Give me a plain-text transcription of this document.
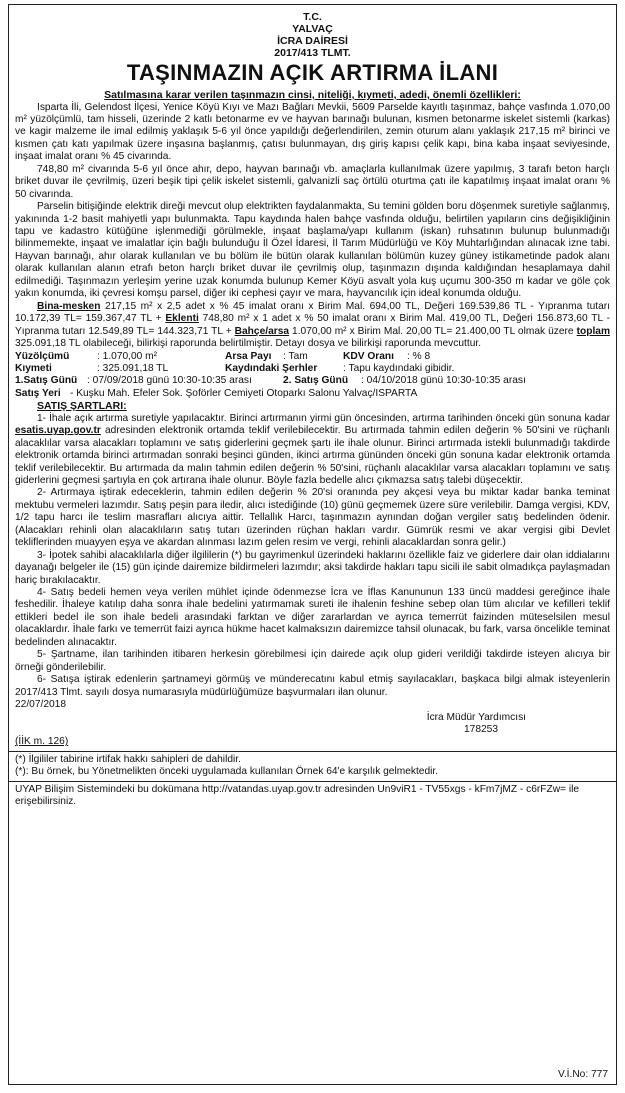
T.C.
YALVAÇ
İCRA DAİRESİ
2017/413 TLMT.
TAŞINMAZIN AÇIK ARTIRMA İLANI
Satılmasına karar verilen taşınmazın cinsi, niteliği, kıymeti, adedi, önemli özellikleri:

Isparta İli, Gelendost İlçesi, Yenice Köyü Kıyı ve Mazı Bağları Mevkii, 5609 Parselde kayıtlı taşınmaz, bahçe vasfında 1.070,00 m² yüzölçümlü, tam hisseli, üzerinde 2 katlı betonarme ev ve hayvan barınağı bulunan, kısmen betonarme iskelet sistemli (karkas) ve kagir malzeme ile imal edilmiş yaklaşık 5-6 yıl önce yapıldığı değerlendirilen, zemin oturum alanı yaklaşık 217,15 m² birinci ve kısmen çatı katı yapılmak üzere inşasına başlanmış, çatısı bulunmayan, dış giriş kapısı çelik kapı, bina kaba inşaat seviyesinde, inşaat imalat oranı % 45 civarında.

748,80 m² civarında 5-6 yıl önce ahır, depo, hayvan barınağı vb. amaçlarla kullanılmak üzere yapılmış, 3 tarafı beton harçlı briket duvar ile çevrilmiş, üzeri beşik tipi çelik iskelet sistemli, galvanizli saç örtülü oturtma çatı ile kapatılmış inşaat imalat oranı % 50 civarında.

Parselin bitişiğinde elektrik direği mevcut olup elektrikten faydalanmakta, Su temini gölden boru döşenmek suretiyle sağlanmış, yakınında 1-2 basit mahiyetli yapı bulunmakta. Tapu kaydında halen bahçe vasfında olduğu, belirtilen yapıların cins değişikliğinin tapu ve kadastro kütüğüne işlenmediği görülmekle, inşaat başlama/yapı kullanım (iskan) ruhsatının bulunup bulunmadığı bilinmemekte, inşaat ve imalatlar için bağlı bulunduğu İl Özel İdaresi, İl Tarım Müdürlüğü ve Köy Muhtarlığından alınacak izne tabi. Hayvan barınağı, ahır olarak kullanılan ve bu bölüm ile bütün olarak kullanılan bölümün kuzey güney istikametinde padok alanı olarak kullanılan alanın etrafı beton harçlı briket duvar ile çevrilmiş olup, taşınmazın dışında kaldığından hesaplamaya dahil edilmediği. Taşınmazın yerleşim yerine uzak konumda bulunup Kemer Köyü asvalt yola kuş uçumu 300-350 m kadar ve göle çok yakın konumda, iki çevresi komşu parsel, diğer iki cephesi çayır ve mara, hayvancılık için ideal konumda olduğu.

Bina-mesken 217,15 m² x 2,5 adet x % 45 imalat oranı x Birim Mal. 694,00 TL, Değeri 169.539,86 TL - Yıpranma tutarı 10.172,39 TL= 159.367,47 TL + Eklenti 748,80 m² x 1 adet x % 50 imalat oranı x Birim Mal. 419,00 TL, Değeri 156.873,60 TL - Yıpranma tutarı 12.549,89 TL= 144.323,71 TL + Bahçe/arsa 1.070,00 m² x Birim Mal. 20,00 TL= 21.400,00 TL olmak üzere toplam 325.091,18 TL olabileceği, bilirkişi raporunda belirtilmiştir. Detayı dosya ve bilirkişi raporunda mevcuttur.

Yüzölçümü	: 1.070,00 m²	Arsa Payı	: Tam	KDV Oranı	: % 8
Kıymeti	: 325.091,18 TL	Kaydındaki Şerhler	: Tapu kaydındaki gibidir.
1.Satış Günü : 07/09/2018 günü 10:30-10:35 arası	2. Satış Günü	: 04/10/2018 günü 10:30-10:35 arası
Satış Yeri - Kuşku Mah. Efeler Sok. Şoförler Cemiyeti Otoparkı Salonu Yalvaç/ISPARTA
SATIŞ ŞARTLARI:

1- İhale açık artırma suretiyle yapılacaktır. Birinci artırmanın yirmi gün öncesinden, artırma tarihinden önceki gün sonuna kadar esatis.uyap.gov.tr adresinden elektronik ortamda teklif verilebilecektir. Bu artırmada tahmin edilen değerin % 50'sini ve rüçhanlı alacaklılar varsa alacakları toplamını ve satış giderlerini geçmek şartı ile ihale olunur. Birinci artırmada istekli bulunmadığı takdirde elektronik ortamda birinci artırmadan sonraki beşinci günden, ikinci artırma gününden önceki gün sonuna kadar elektronik ortamda teklif verilebilecektir. Bu artırmada da malın tahmin edilen değerin % 50'sini, rüçhanlı alacaklılar varsa alacakları toplamını ve satış giderlerini geçmesi şartıyla en çok artırana ihale olunur. Böyle fazla bedelle alıcı çıkmazsa satış talebi düşecektir.

2- Artırmaya iştirak edeceklerin, tahmin edilen değerin % 20'si oranında pey akçesi veya bu miktar kadar banka teminat mektubu vermeleri lazımdır. Satış peşin para iledir, alıcı istediğinde (10) günü geçmemek üzere süre verilebilir. Damga vergisi, KDV, 1/2 tapu harcı ile teslim masrafları alıcıya aittir. Tellallık Harcı, taşınmazın aynından doğan vergiler satış bedelinden ödenir. (Alacakları rehinli olan alacaklıların satış tutarı üzerinden rüçhan hakları vardır. Gümrük resmi ve akar vergisi gibi Devlet tekliflerinden muayyen eşya ve akardan alınması lazım gelen resim ve vergi, rehinli alacaklardan sonra gelir.)

3- İpotek sahibi alacaklılarla diğer ilgililerin (*) bu gayrimenkul üzerindeki haklarını özellikle faiz ve giderlere dair olan iddialarını dayanağı belgeler ile (15) gün içinde dairemize bildirmeleri lazımdır; aksi takdirde hakları tapu sicili ile sabit olmadıkça paylaşmadan hariç bırakılacaktır.

4- Satış bedeli hemen veya verilen mühlet içinde ödenmezse İcra ve İflas Kanununun 133 üncü maddesi gereğince ihale feshedilir. İhaleye katılıp daha sonra ihale bedelini yatırmamak sureti ile ihalenin feshine sebep olan tüm alıcılar ve kefilleri teklif ettikleri bedel ile son ihale bedeli arasındaki farktan ve diğer zararlardan ve ayrıca temerrüt faizinden müteselsilen mesul olacaklardır. İhale farkı ve temerrüt faizi ayrıca hükme hacet kalmaksızın dairemizce tahsil olunacak, bu fark, varsa öncelikle teminat bedelinden alınacaktır.

5- Şartname, ilan tarihinden itibaren herkesin görebilmesi için dairede açık olup gideri verildiği takdirde isteyen alıcıya bir örneği gönderilebilir.

6- Satışa iştirak edenlerin şartnameyi görmüş ve münderecatını kabul etmiş sayılacakları, başkaca bilgi almak isteyenlerin 2017/413 Tlmt. sayılı dosya numarasıyla müdürlüğümüze başvurmaları ilan olunur.

22/07/2018

İcra Müdür Yardımcısı
178253

(İİK m. 126)

(*) İlgililer tabirine irtifak hakkı sahipleri de dahildir.

(*): Bu örnek, bu Yönetmelikten önceki uygulamada kullanılan Örnek 64'e karşılık gelmektedir.

UYAP Bilişim Sistemindeki bu dokümana http://vatandas.uyap.gov.tr adresinden Un9viR1 - TV55xgs - kFm7jMZ - c6rFZw= ile erişebilirsiniz.

V.İ.No: 777
